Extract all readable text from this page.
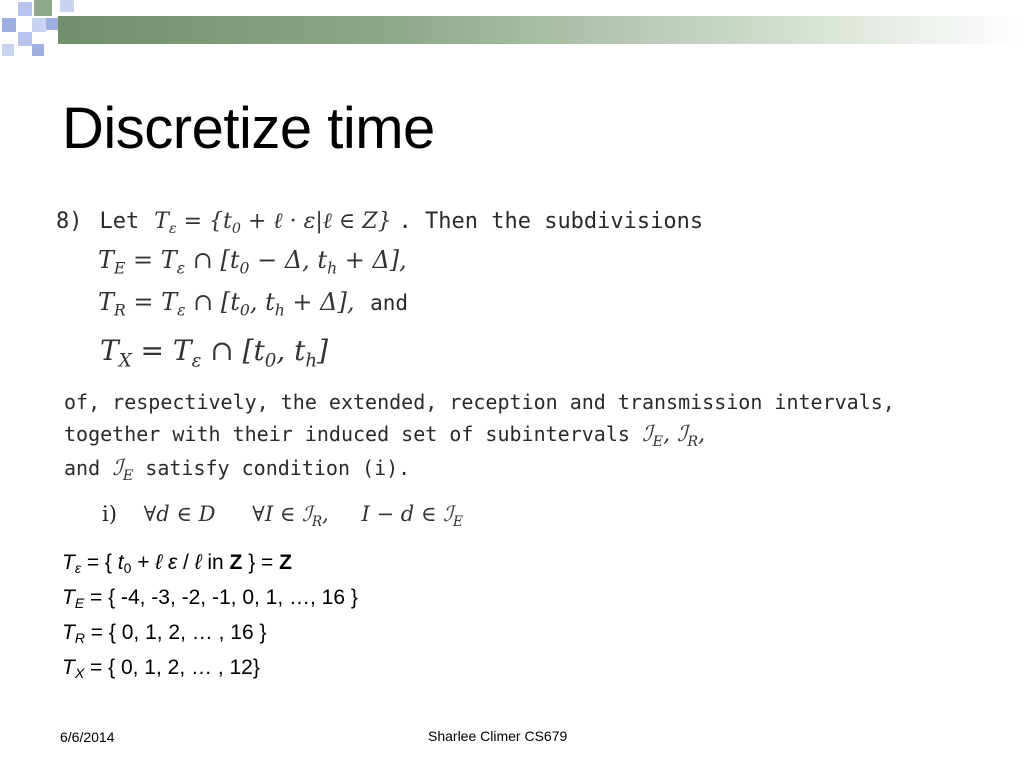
Discretize time
8) Let $T_\varepsilon = \{t_0$ + ℓ · ε|ℓ ∈ Z} . Then the subdivisions
$T_E = T_\varepsilon$ ∩ [$t_0 - \Delta$, $t_h + \Delta$],
$T_R = T_\varepsilon$ ∩ [$t_0$, $t_h + \Delta$], and
$T_X = T_\varepsilon$ ∩ [$t_0$, $t_h$]
of, respectively, the extended, reception and transmission intervals,
together with their induced set of subintervals ℐ$_E$, ℐ$_R$,
and ℐ$_E$ satisfy condition (i).
i) ∀d ∈ D ∀I ∈ ℐ$_R$, I − d ∈ ℐ$_E$
$T_\varepsilon$ = { $t_0$ + ℓ ε / ℓ in Z } = Z
$T_E$ = { -4, -3, -2, -1, 0, 1, …, 16 }
$T_R$ = { 0, 1, 2, … , 16 }
$T_X$ = { 0, 1, 2, … , 12}
6/6/2014	Sharlee Climer CS679
